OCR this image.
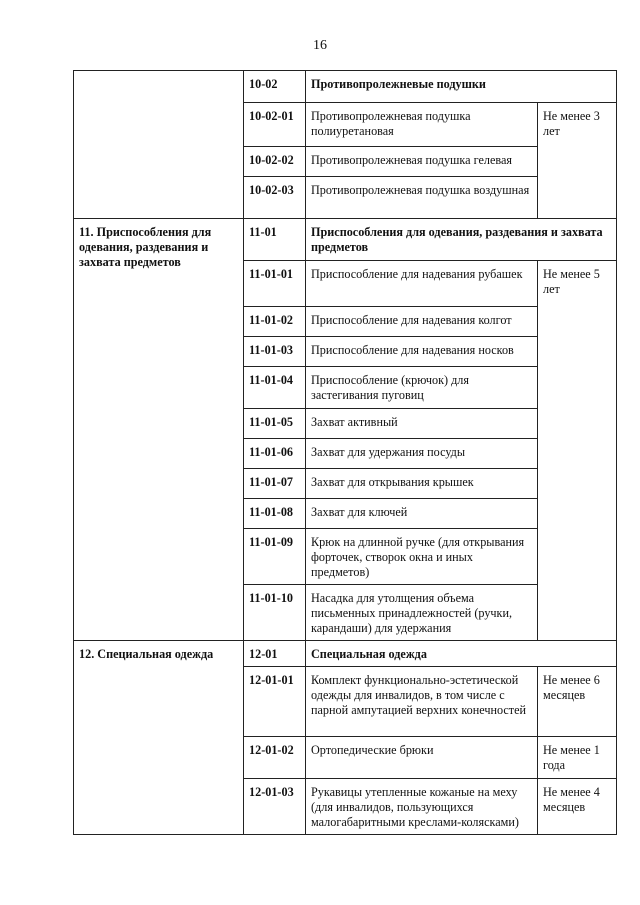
16
	10-02	Противопролежневые подушки	
	10-02-01	Противопролежневая подушка полиуретановая	Не менее 3 лет
	10-02-02	Противопролежневая подушка гелевая	
	10-02-03	Противопролежневая подушка воздушная	
11. Приспособления для одевания, раздевания и захвата предметов	11-01	Приспособления для одевания, раздевания и захвата предметов	
	11-01-01	Приспособление для надевания рубашек	Не менее 5 лет
	11-01-02	Приспособление для надевания колгот	
	11-01-03	Приспособление для надевания носков	
	11-01-04	Приспособление (крючок) для застегивания пуговиц	
	11-01-05	Захват активный	
	11-01-06	Захват для удержания посуды	
	11-01-07	Захват для открывания крышек	
	11-01-08	Захват для ключей	
	11-01-09	Крюк на длинной ручке (для открывания форточек, створок окна и иных предметов)	
	11-01-10	Насадка для утолщения объема письменных принадлежностей (ручки, карандаши) для удержания	
12. Специальная одежда	12-01	Специальная одежда	
	12-01-01	Комплект функционально-эстетической одежды для инвалидов, в том числе с парной ампутацией верхних конечностей	Не менее 6 месяцев
	12-01-02	Ортопедические брюки	Не менее 1 года
	12-01-03	Рукавицы утепленные кожаные на меху (для инвалидов, пользующихся малогабаритными креслами-колясками)	Не менее 4 месяцев
